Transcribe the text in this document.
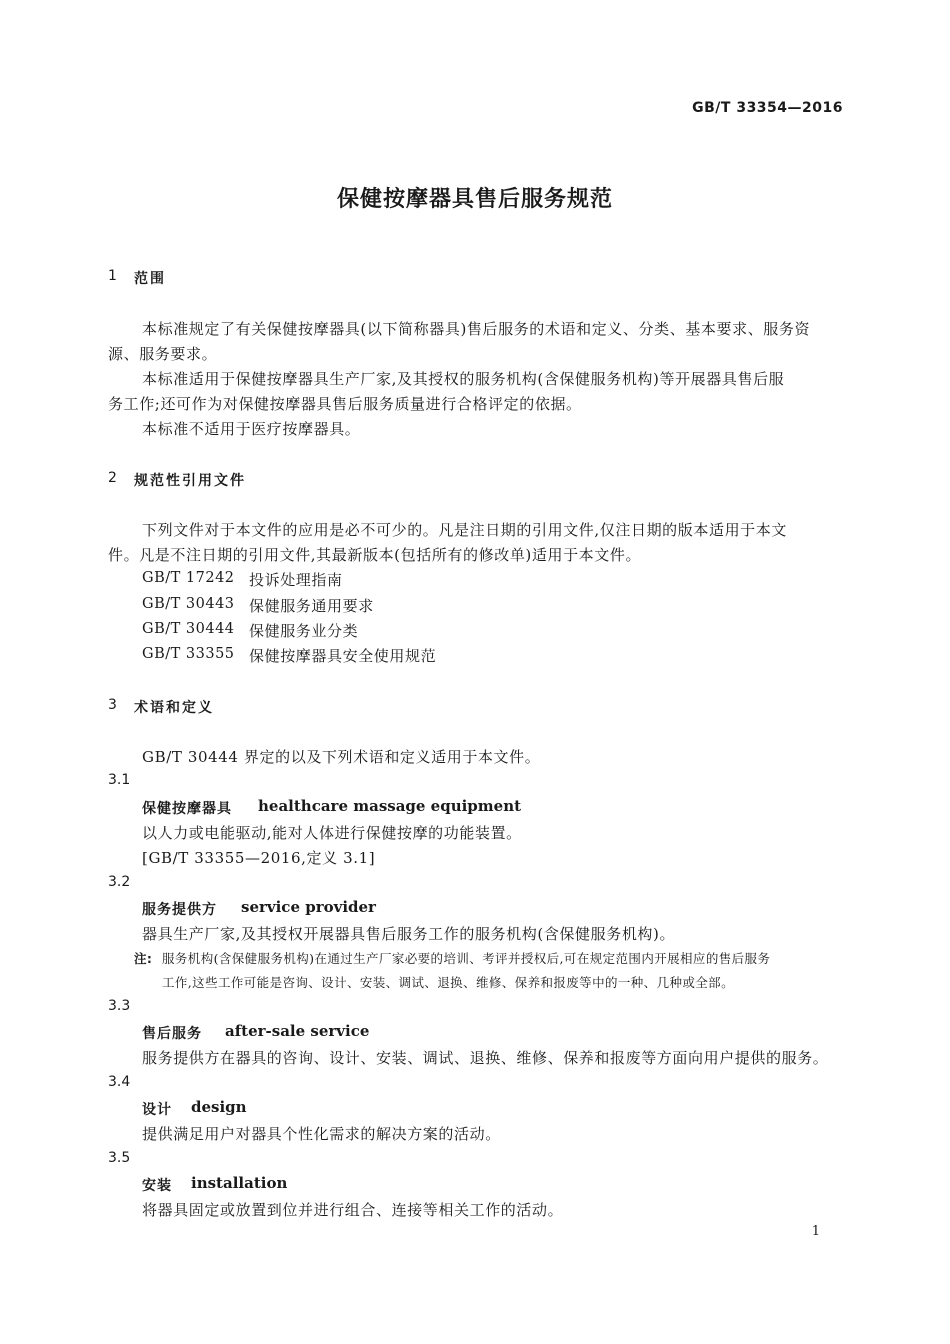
GB/T 33354—2016
保健按摩器具售后服务规范
1 范围
本标准规定了有关保健按摩器具(以下简称器具)售后服务的术语和定义、分类、基本要求、服务资
源、服务要求。
本标准适用于保健按摩器具生产厂家,及其授权的服务机构(含保健服务机构)等开展器具售后服
务工作;还可作为对保健按摩器具售后服务质量进行合格评定的依据。
本标准不适用于医疗按摩器具。
2 规范性引用文件
下列文件对于本文件的应用是必不可少的。凡是注日期的引用文件,仅注日期的版本适用于本文
件。凡是不注日期的引用文件,其最新版本(包括所有的修改单)适用于本文件。
GB/T 17242 投诉处理指南
GB/T 30443 保健服务通用要求
GB/T 30444 保健服务业分类
GB/T 33355 保健按摩器具安全使用规范
3 术语和定义
GB/T 30444 界定的以及下列术语和定义适用于本文件。
3.1
保健按摩器具 healthcare massage equipment
以人力或电能驱动,能对人体进行保健按摩的功能装置。
[GB/T 33355—2016,定义 3.1]
3.2
服务提供方 service provider
器具生产厂家,及其授权开展器具售后服务工作的服务机构(含保健服务机构)。
注: 服务机构(含保健服务机构)在通过生产厂家必要的培训、考评并授权后,可在规定范围内开展相应的售后服务
工作,这些工作可能是咨询、设计、安装、调试、退换、维修、保养和报废等中的一种、几种或全部。
3.3
售后服务 after-sale service
服务提供方在器具的咨询、设计、安装、调试、退换、维修、保养和报废等方面向用户提供的服务。
3.4
设计 design
提供满足用户对器具个性化需求的解决方案的活动。
3.5
安装 installation
将器具固定或放置到位并进行组合、连接等相关工作的活动。
1
